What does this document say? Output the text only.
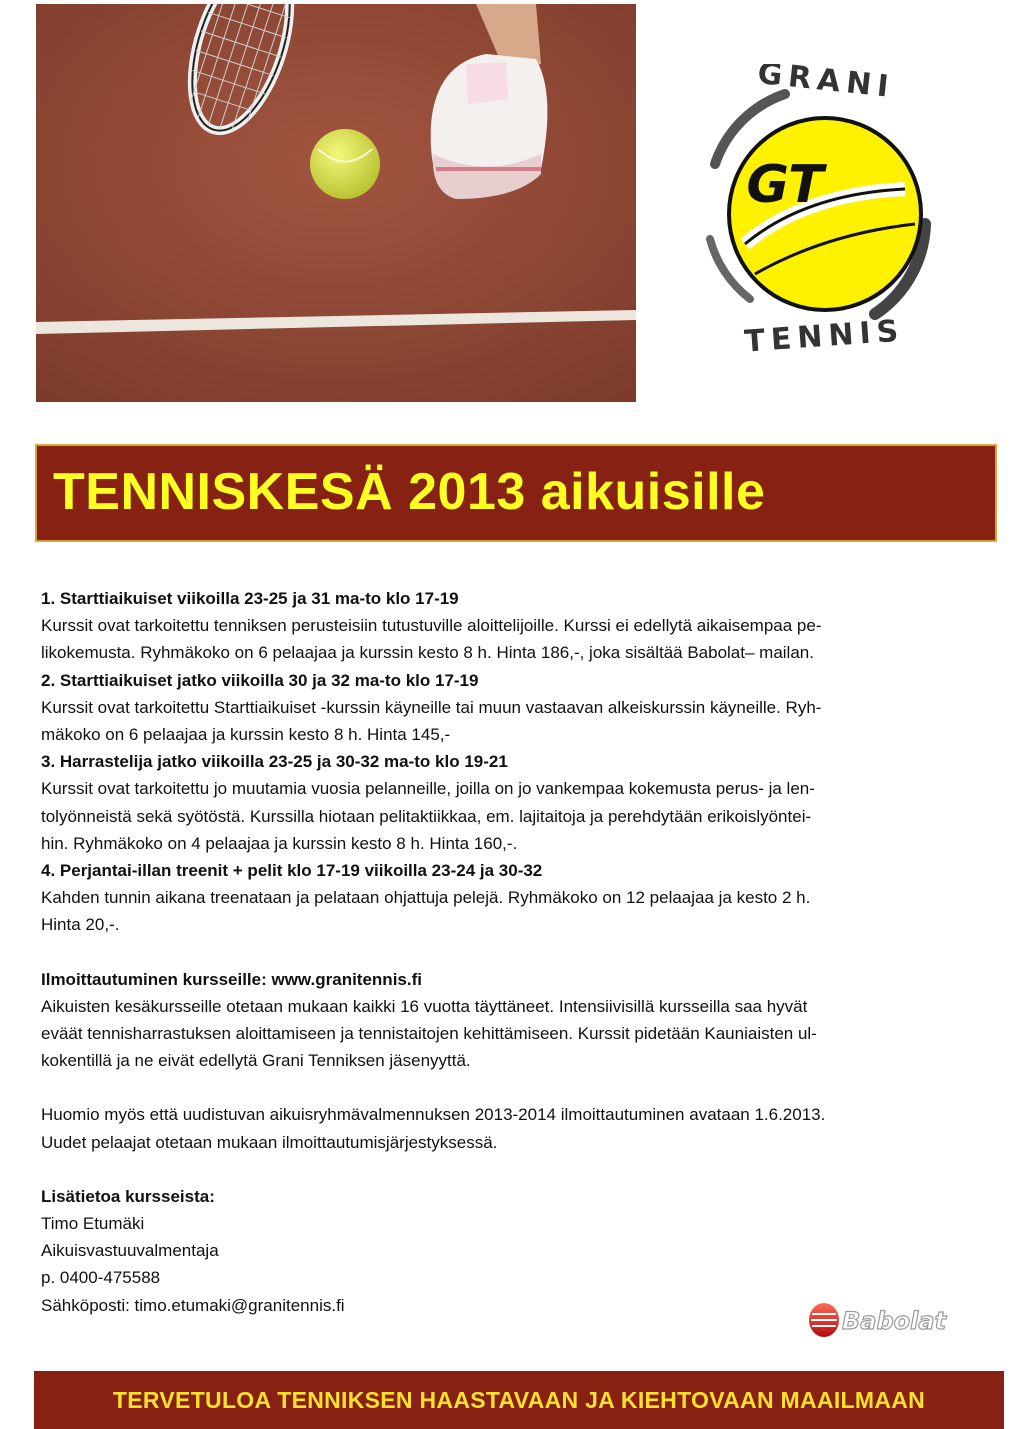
GRANI
GT
TENNIS
TENNISKESÄ 2013 aikuisille

1. Starttiaikuiset viikoilla 23-25 ja 31 ma-to klo 17-19

Kurssit ovat tarkoitettu tenniksen perusteisiin tutustuville aloittelijoille. Kurssi ei edellytä aikaisempaa pe-

likokemusta. Ryhmäkoko on 6 pelaajaa ja kurssin kesto 8 h. Hinta 186,-, joka sisältää Babolat– mailan.

2. Starttiaikuiset jatko viikoilla 30 ja 32 ma-to klo 17-19

Kurssit ovat tarkoitettu Starttiaikuiset -kurssin käyneille tai muun vastaavan alkeiskurssin käyneille. Ryh-

mäkoko on 6 pelaajaa ja kurssin kesto 8 h. Hinta 145,-

3. Harrastelija jatko viikoilla 23-25 ja 30-32 ma-to klo 19-21

Kurssit ovat tarkoitettu jo muutamia vuosia pelanneille, joilla on jo vankempaa kokemusta perus- ja len-

tolyönneistä sekä syötöstä. Kurssilla hiotaan pelitaktiikkaa, em. lajitaitoja ja perehdytään erikoislyöntei-

hin. Ryhmäkoko on 4 pelaajaa ja kurssin kesto 8 h. Hinta 160,-.

4. Perjantai-illan treenit + pelit klo 17-19 viikoilla 23-24 ja 30-32

Kahden tunnin aikana treenataan ja pelataan ohjattuja pelejä. Ryhmäkoko on 12 pelaajaa ja kesto 2 h.

Hinta 20,-.

Ilmoittautuminen kursseille: www.granitennis.fi

Aikuisten kesäkursseille otetaan mukaan kaikki 16 vuotta täyttäneet. Intensiivisillä kursseilla saa hyvät

eväät tennisharrastuksen aloittamiseen ja tennistaitojen kehittämiseen. Kurssit pidetään Kauniaisten ul-

kokentillä ja ne eivät edellytä Grani Tenniksen jäsenyyttä.

Huomio myös että uudistuvan aikuisryhmävalmennuksen 2013-2014 ilmoittautuminen avataan 1.6.2013.

Uudet pelaajat otetaan mukaan ilmoittautumisjärjestyksessä.

Lisätietoa kursseista:

Timo Etumäki

Aikuisvastuuvalmentaja

p. 0400-475588

Sähköposti: timo.etumaki@granitennis.fi

Babolat
TERVETULOA TENNIKSEN HAASTAVAAN JA KIEHTOVAAN MAAILMAAN
